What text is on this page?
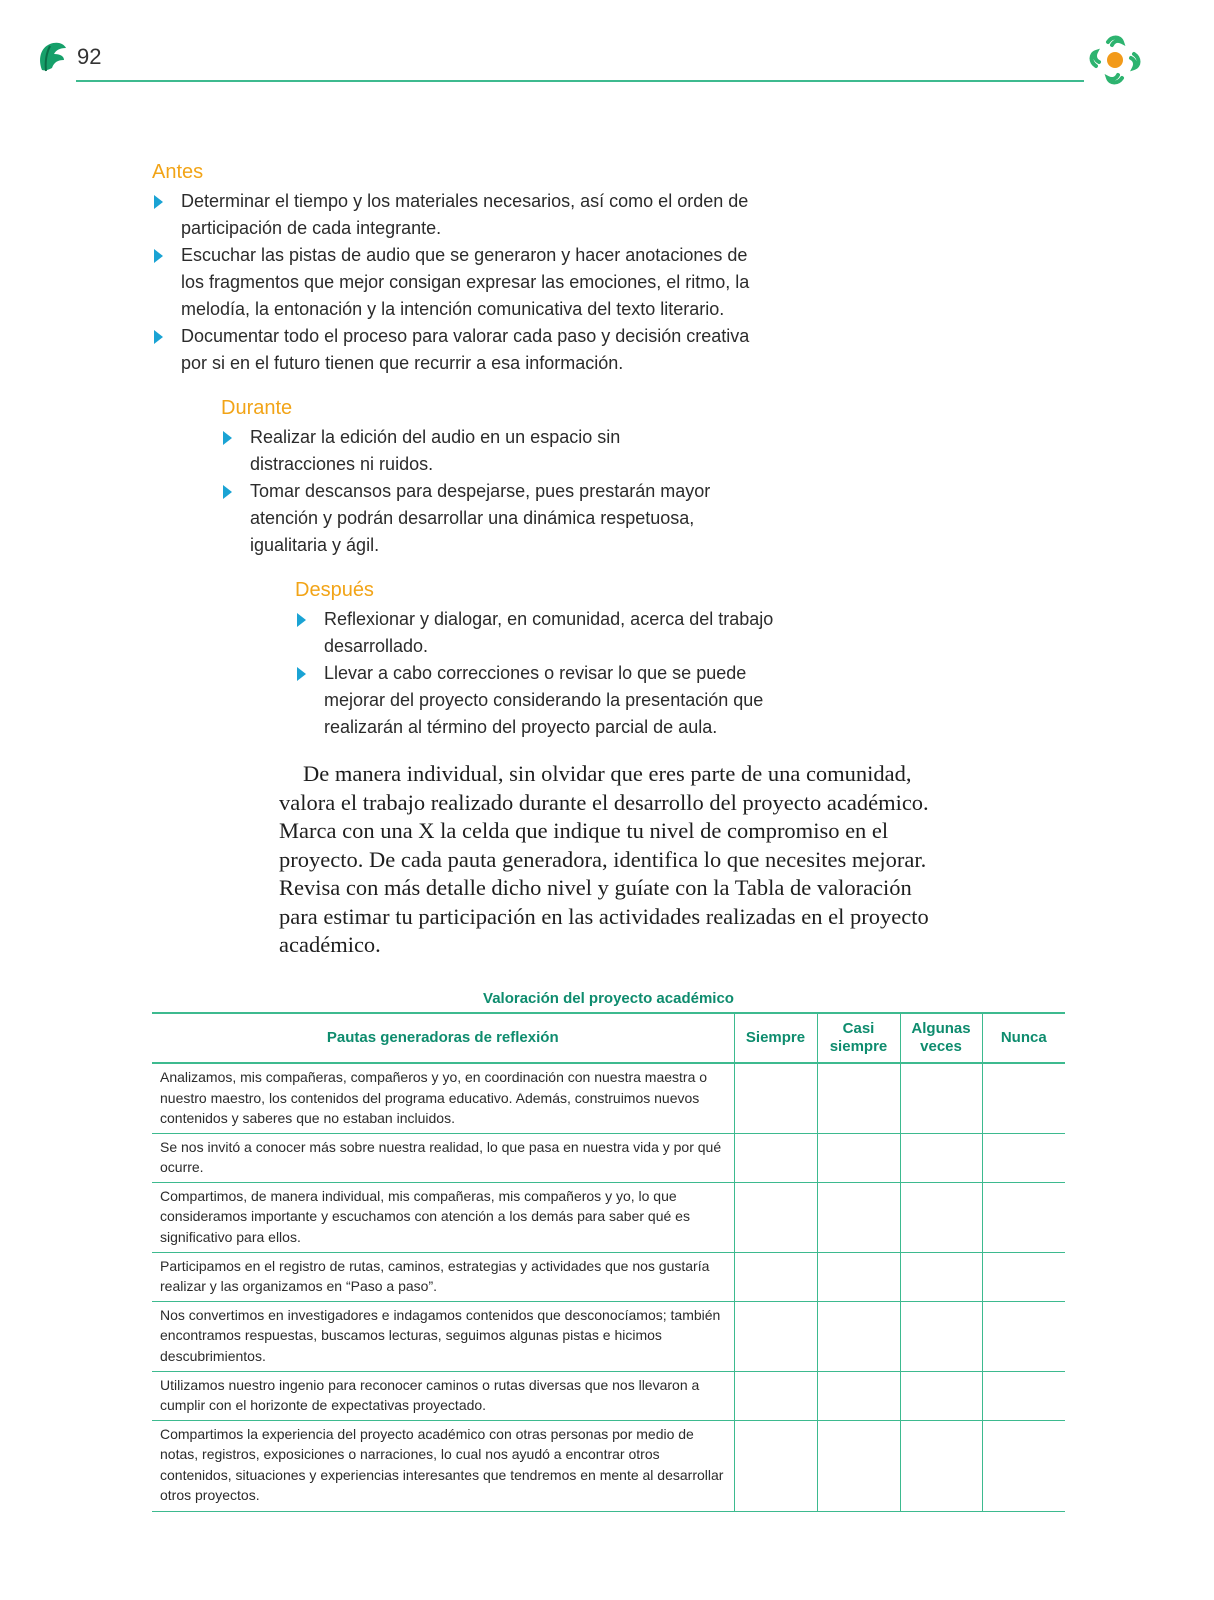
92
Antes
Determinar el tiempo y los materiales necesarios, así como el orden de participación de cada integrante.
Escuchar las pistas de audio que se generaron y hacer anotaciones de los fragmentos que mejor consigan expresar las emociones, el ritmo, la melodía, la entonación y la intención comunicativa del texto literario.
Documentar todo el proceso para valorar cada paso y decisión creativa por si en el futuro tienen que recurrir a esa información.
Durante
Realizar la edición del audio en un espacio sin distracciones ni ruidos.
Tomar descansos para despejarse, pues prestarán mayor atención y podrán desarrollar una dinámica respetuosa, igualitaria y ágil.
Después
Reflexionar y dialogar, en comunidad, acerca del trabajo desarrollado.
Llevar a cabo correcciones o revisar lo que se puede mejorar del proyecto considerando la presentación que realizarán al término del proyecto parcial de aula.

De manera individual, sin olvidar que eres parte de una comunidad, valora el trabajo realizado durante el desarrollo del proyecto académico. Marca con una X la celda que indique tu nivel de compromiso en el proyecto. De cada pauta generadora, identifica lo que necesites mejorar. Revisa con más detalle dicho nivel y guíate con la Tabla de valoración para estimar tu participación en las actividades realizadas en el proyecto académico.

Valoración del proyecto académico
Pautas generadoras de reflexión	Siempre	Casi siempre	Algunas veces	Nunca
Analizamos, mis compañeras, compañeros y yo, en coordinación con nuestra maestra o nuestro maestro, los contenidos del programa educativo. Además, construimos nuevos contenidos y saberes que no estaban incluidos.				
Se nos invitó a conocer más sobre nuestra realidad, lo que pasa en nuestra vida y por qué ocurre.				
Compartimos, de manera individual, mis compañeras, mis compañeros y yo, lo que consideramos importante y escuchamos con atención a los demás para saber qué es significativo para ellos.				
Participamos en el registro de rutas, caminos, estrategias y actividades que nos gustaría realizar y las organizamos en “Paso a paso”.				
Nos convertimos en investigadores e indagamos contenidos que desconocíamos; también encontramos respuestas, buscamos lecturas, seguimos algunas pistas e hicimos descubrimientos.				
Utilizamos nuestro ingenio para reconocer caminos o rutas diversas que nos llevaron a cumplir con el horizonte de expectativas proyectado.				
Compartimos la experiencia del proyecto académico con otras personas por medio de notas, registros, exposiciones o narraciones, lo cual nos ayudó a encontrar otros contenidos, situaciones y experiencias interesantes que tendremos en mente al desarrollar otros proyectos.				
